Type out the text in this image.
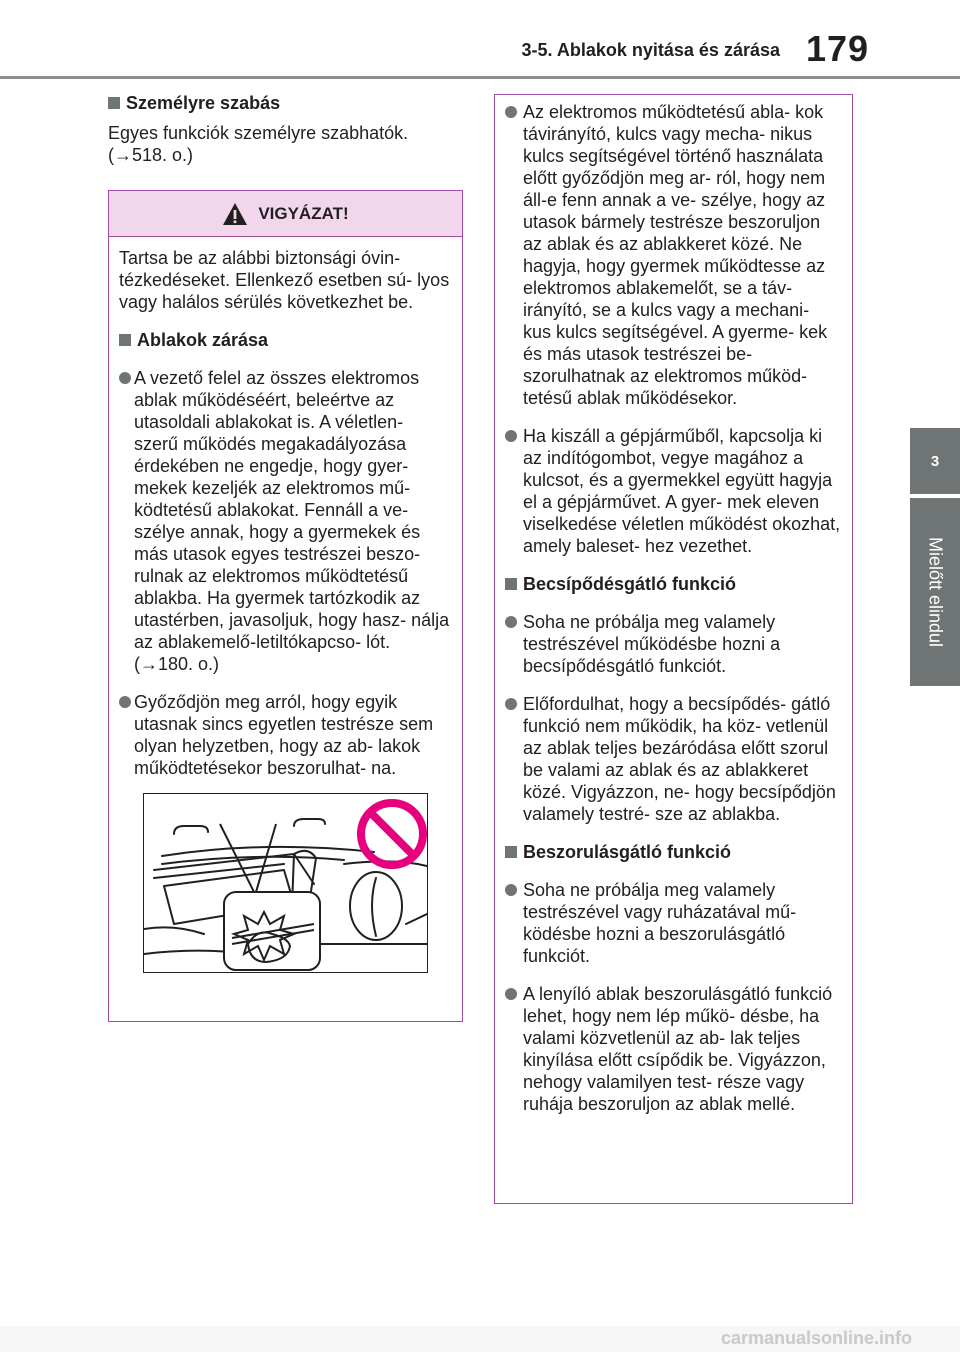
3-5. Ablakok nyitása és zárása 179
3
Mielőtt elindul
Személyre szabás
Egyes funkciók személyre szabhatók. (→518. o.)
VIGYÁZAT!
Tartsa be az alábbi biztonsági óvin- tézkedéseket. Ellenkező esetben sú- lyos vagy halálos sérülés következhet be.
Ablakok zárása
A vezető felel az összes elektromos ablak működéséért, beleértve az utasoldali ablakokat is. A véletlen- szerű működés megakadályozása érdekében ne engedje, hogy gyer- mekek kezeljék az elektromos mű- ködtetésű ablakokat. Fennáll a ve- szélye annak, hogy a gyermekek és más utasok egyes testrészei beszo- rulnak az elektromos működtetésű ablakba. Ha gyermek tartózkodik az utastérben, javasoljuk, hogy hasz- nálja az ablakemelő-letiltókapcso- lót. (→180. o.)
Győződjön meg arról, hogy egyik utasnak sincs egyetlen testrésze sem olyan helyzetben, hogy az ab- lakok működtetésekor beszorulhat- na.
Az elektromos működtetésű abla- kok távirányító, kulcs vagy mecha- nikus kulcs segítségével történő használata előtt győződjön meg ar- ról, hogy nem áll-e fenn annak a ve- szélye, hogy az utasok bármely testrésze beszoruljon az ablak és az ablakkeret közé. Ne hagyja, hogy gyermek működtesse az elektromos ablakemelőt, se a táv- irányító, se a kulcs vagy a mechani- kus kulcs segítségével. A gyerme- kek és más utasok testrészei be- szorulhatnak az elektromos működ- tetésű ablak működésekor.
Ha kiszáll a gépjárműből, kapcsolja ki az indítógombot, vegye magához a kulcsot, és a gyermekkel együtt hagyja el a gépjárművet. A gyer- mek eleven viselkedése véletlen működést okozhat, amely baleset- hez vezethet.
Becsípődésgátló funkció
Soha ne próbálja meg valamely testrészével működésbe hozni a becsípődésgátló funkciót.
Előfordulhat, hogy a becsípődés- gátló funkció nem működik, ha köz- vetlenül az ablak teljes bezáródása előtt szorul be valami az ablak és az ablakkeret közé. Vigyázzon, ne- hogy becsípődjön valamely testré- sze az ablakba.
Beszorulásgátló funkció
Soha ne próbálja meg valamely testrészével vagy ruházatával mű- ködésbe hozni a beszorulásgátló funkciót.
A lenyíló ablak beszorulásgátló funkció lehet, hogy nem lép műkö- désbe, ha valami közvetlenül az ab- lak teljes kinyílása előtt csípődik be. Vigyázzon, nehogy valamilyen test- része vagy ruhája beszoruljon az ablak mellé.
carmanualsonline.info
